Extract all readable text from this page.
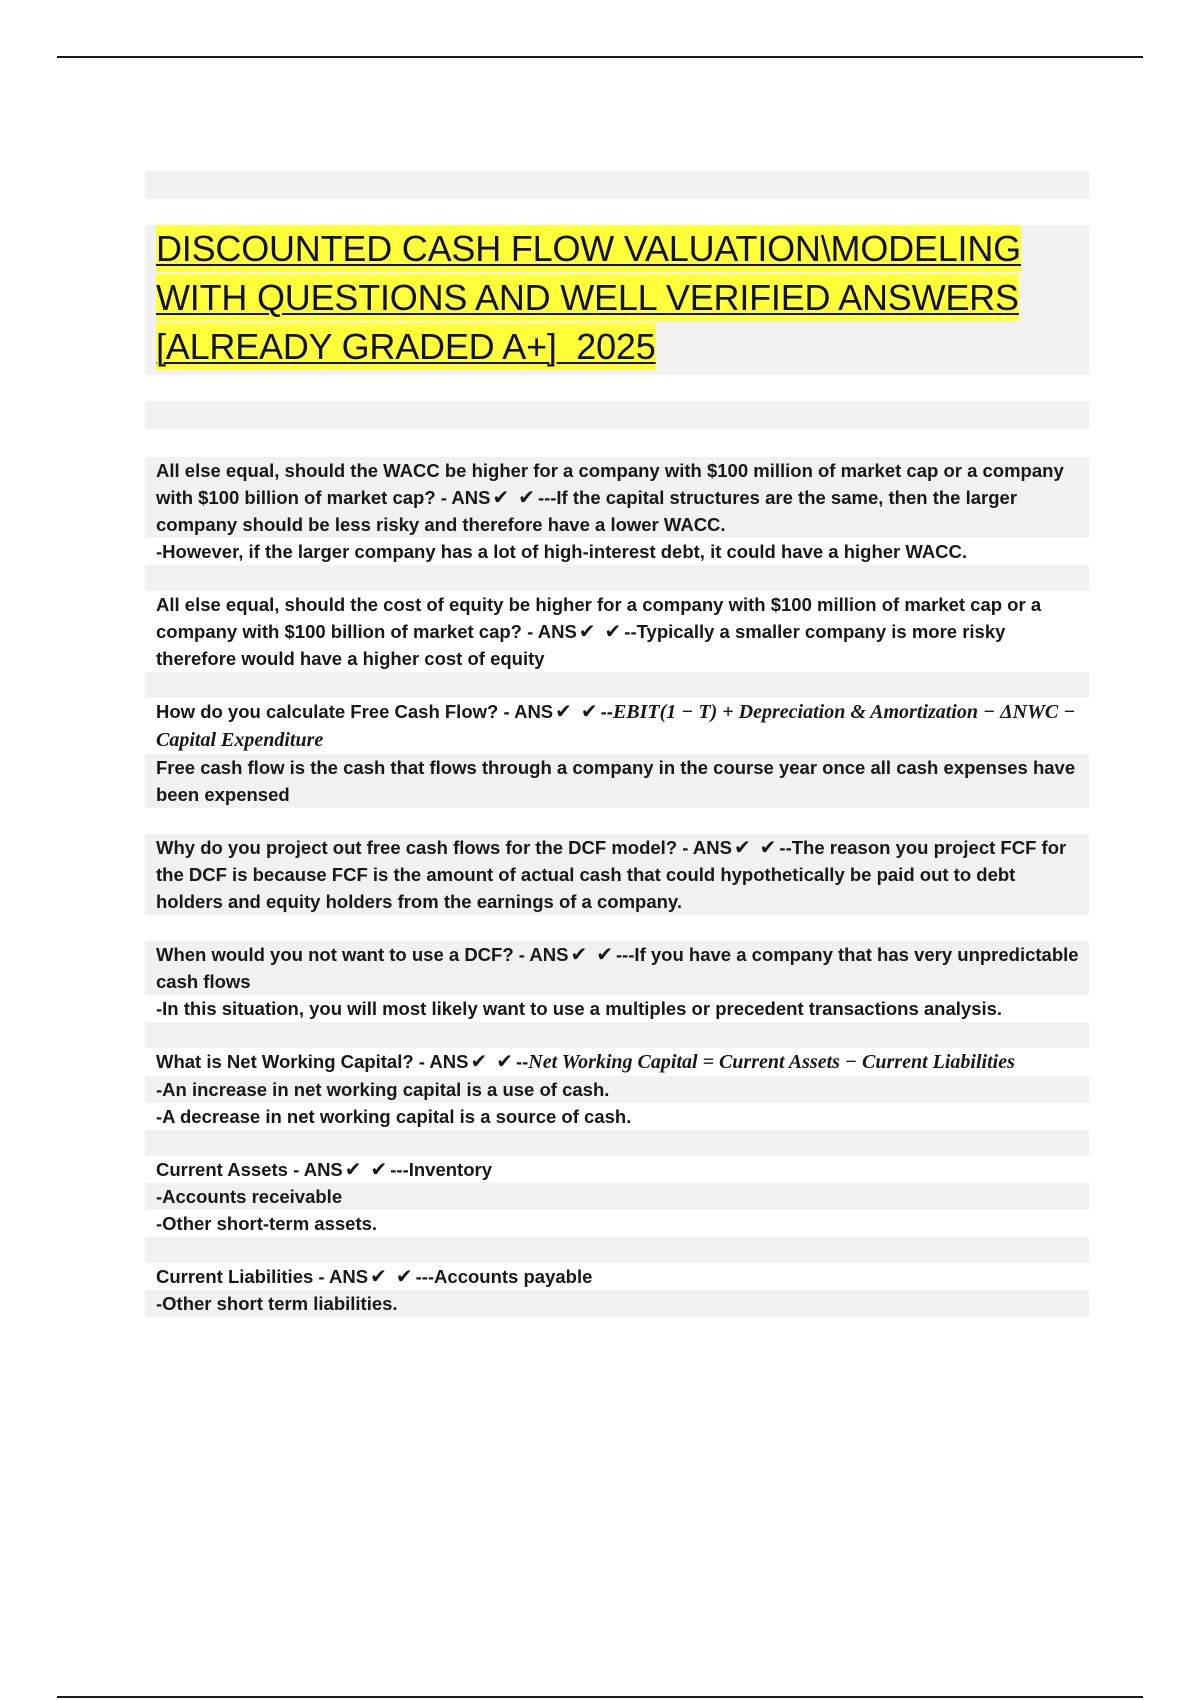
DISCOUNTED CASH FLOW VALUATION\MODELING
WITH QUESTIONS AND WELL VERIFIED ANSWERS
[ALREADY GRADED A+]  2025
All else equal, should the WACC be higher for a company with $100 million of market cap or a company with $100 billion of market cap? - ANS ✔ ✔ ---If the capital structures are the same, then the larger company should be less risky and therefore have a lower WACC.
-However, if the larger company has a lot of high-interest debt, it could have a higher WACC.
All else equal, should the cost of equity be higher for a company with $100 million of market cap or a company with $100 billion of market cap? - ANS ✔ ✔ --Typically a smaller company is more risky therefore would have a higher cost of equity
How do you calculate Free Cash Flow? - ANS ✔ ✔ --EBIT(1 − T) + Depreciation & Amortization − ΔNWC − Capital Expenditure
Free cash flow is the cash that flows through a company in the course year once all cash expenses have been expensed
Why do you project out free cash flows for the DCF model? - ANS ✔ ✔ --The reason you project FCF for the DCF is because FCF is the amount of actual cash that could hypothetically be paid out to debt holders and equity holders from the earnings of a company.
When would you not want to use a DCF? - ANS ✔ ✔ ---If you have a company that has very unpredictable cash flows
-In this situation, you will most likely want to use a multiples or precedent transactions analysis.
What is Net Working Capital? - ANS ✔ ✔ --Net Working Capital = Current Assets − Current Liabilities
-An increase in net working capital is a use of cash.
-A decrease in net working capital is a source of cash.
Current Assets - ANS ✔ ✔ ---Inventory
-Accounts receivable
-Other short-term assets.
Current Liabilities - ANS ✔ ✔ ---Accounts payable
-Other short term liabilities.
